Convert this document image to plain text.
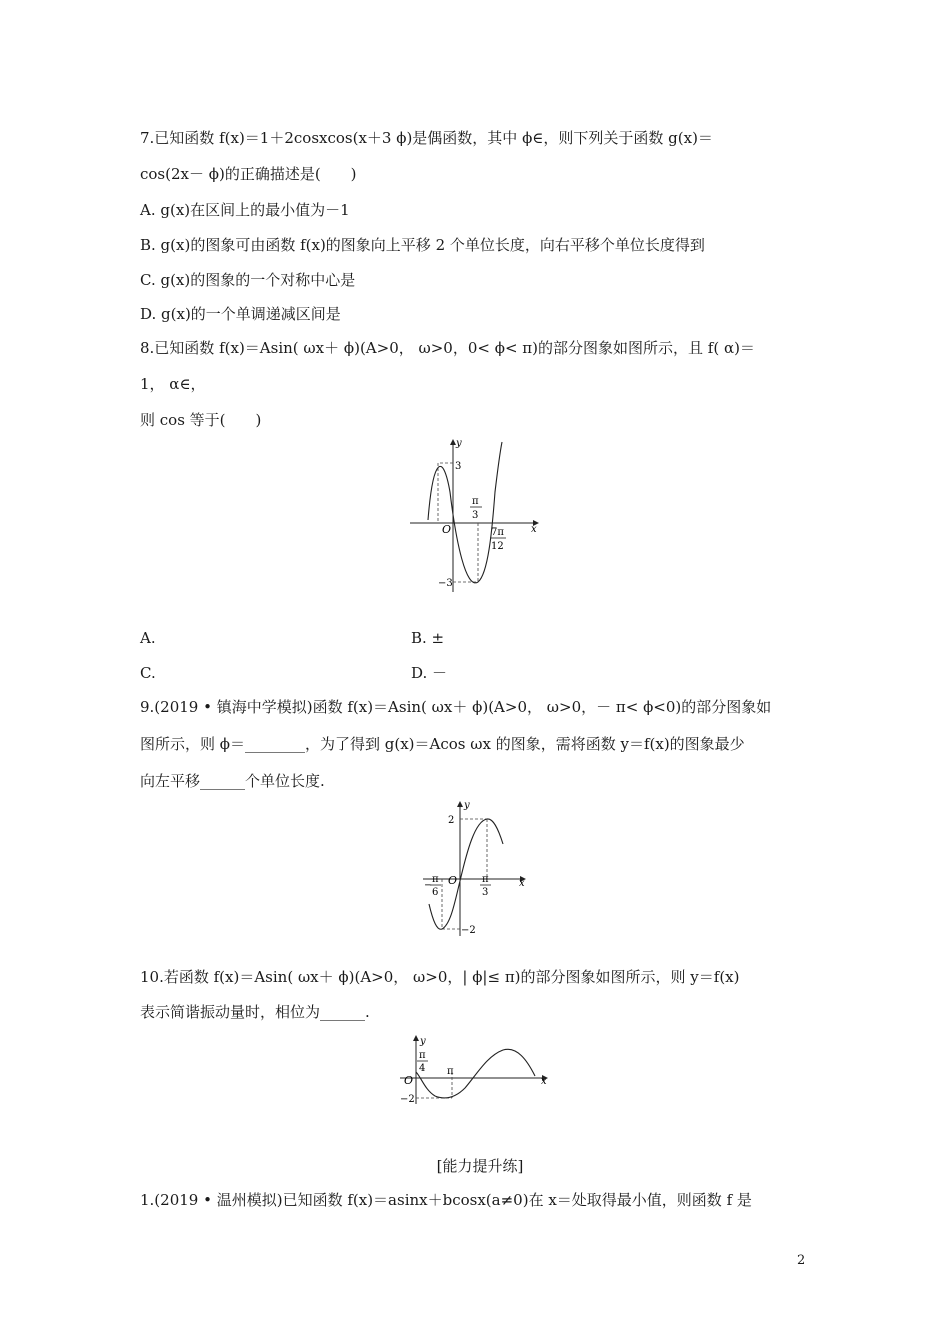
7.已知函数 f(x)＝1＋2cosxcos(x＋3 ϕ)是偶函数，其中 ϕ∈，则下列关于函数 g(x)＝
cos(2x－ ϕ)的正确描述是(　　)
A. g(x)在区间上的最小值为－1
B. g(x)的图象可由函数 f(x)的图象向上平移 2 个单位长度，向右平移个单位长度得到
C. g(x)的图象的一个对称中心是
D. g(x)的一个单调递减区间是
8.已知函数 f(x)＝Asin( ωx＋ ϕ)(A>0， ω>0，0< ϕ< π)的部分图象如图所示，且 f( α)＝
1， α∈，
则 cos 等于(　　)
y
x
O
3
−3
π
3
7π
12
A.	B. ±
C.	D. －
9.(2019 • 镇海中学模拟)函数 f(x)＝Asin( ωx＋ ϕ)(A>0， ω>0，－ π< ϕ<0)的部分图象如
图所示，则 ϕ＝________，为了得到 g(x)＝Acos ωx 的图象，需将函数 y＝f(x)的图象最少
向左平移______个单位长度.
y
x
O
2
−2
−
π
6
π
3
10.若函数 f(x)＝Asin( ωx＋ ϕ)(A>0， ω>0，| ϕ|≤ π)的部分图象如图所示，则 y＝f(x)
表示简谐振动量时，相位为______.
y
x
O
−2
π
4 π
[能力提升练]
1.(2019 • 温州模拟)已知函数 f(x)＝asinx＋bcosx(a≠0)在 x＝处取得最小值，则函数 f 是
2
